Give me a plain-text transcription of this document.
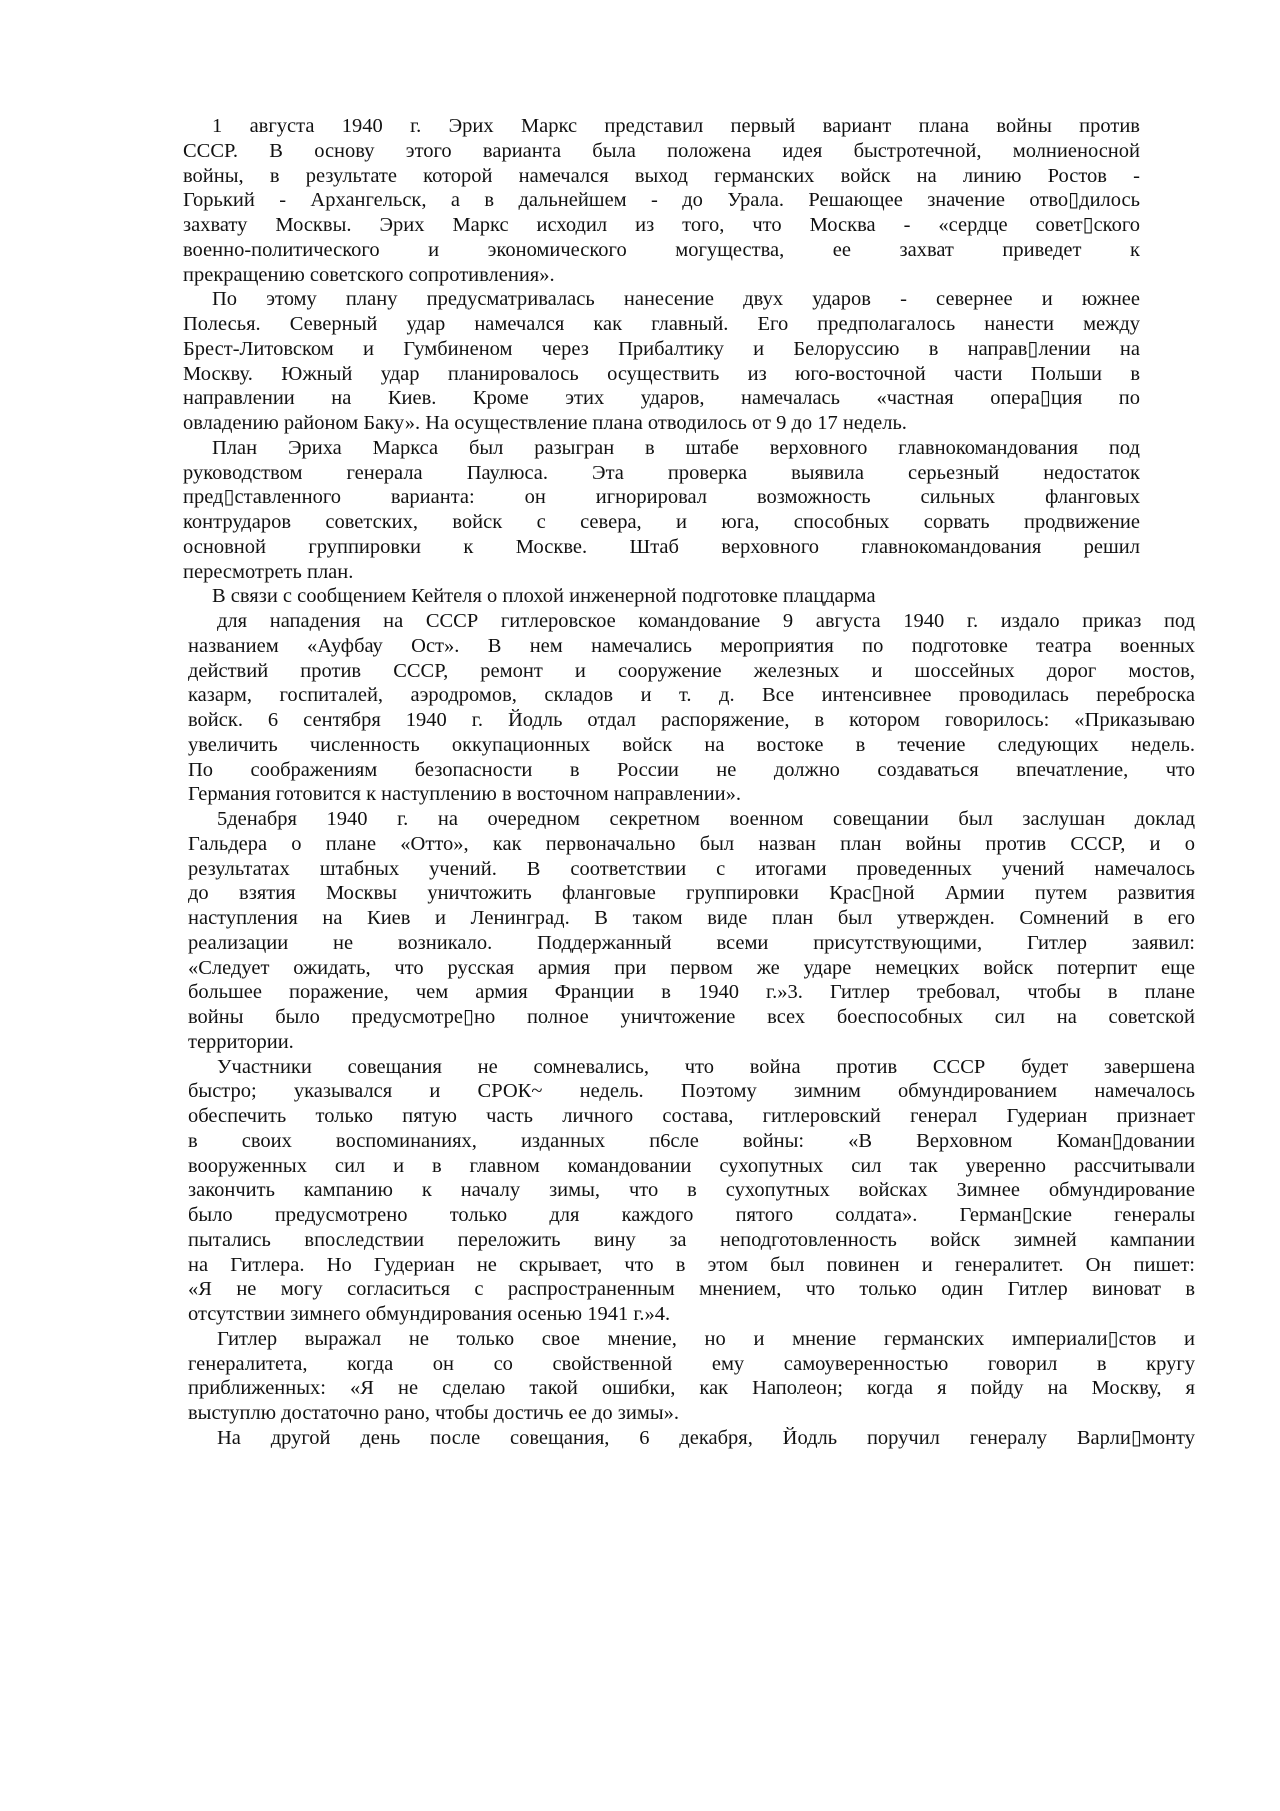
1 августа 1940 г. Эрих Маркс представил первый вариант плана войны против
СССР. В основу этого варианта была положена идея быстротечной, молниеносной
войны, в результате которой намечался выход германских войск на линию Ростов -
Горький - Архангельск, а в дальнейшем - до Урала. Решающее значение отво▯дилось
захвату Москвы. Эрих Маркс исходил из того, что Москва - «сердце совет▯ского
военно-политического и экономического могущества, ее захват приведет к
прекращению советского сопротивления».
По этому плану предусматривалась нанесение двух ударов - севернее и южнее
Полесья. Северный удар намечался как главный. Его предполагалось нанести между
Брест-Литовском и Гумбиненом через Прибалтику и Белоруссию в направ▯лении на
Москву. Южный удар планировалось осуществить из юго-восточной части Польши в
направлении на Киев. Кроме этих ударов, намечалась «частная опера▯ция по
овладению районом Баку». На осуществление плана отводилось от 9 до 17 недель.
План Эриха Маркса был разыгран в штабе верховного главнокомандования под
руководством генерала Паулюса. Эта проверка выявила серьезный недостаток
пред▯ставленного варианта: он игнорировал возможность сильных фланговых
контрударов советских, войск с севера, и юга, способных сорвать продвижение
основной группировки к Москве. Штаб верховного главнокомандования решил
пересмотреть план.
В связи с сообщением Кейтеля о плохой инженерной подготовке плацдарма
для нападения на СССР гитлеровское командование 9 августа 1940 г. издало приказ под
названием «Ауфбау Ост». В нем намечались мероприятия по подготовке театра военных
действий против СССР, ремонт и сооружение железных и шоссейных дорог мостов,
казарм, госпиталей, аэродромов, складов и т. д. Все интенсивнее проводилась переброска
войск. 6 сентября 1940 г. Йодль отдал распоряжение, в котором говорилось: «Приказываю
увеличить численность оккупационных войск на востоке в течение следующих недель.
По соображениям безопасности в России не должно создаваться впечатление, что
Германия готовится к наступлению в восточном направлении».
5денабря 1940 г. на очередном секретном военном совещании был заслушан доклад
Гальдера о плане «Отто», как первоначально был назван план войны против СССР, и о
результатах штабных учений. В соответствии с итогами проведенных учений намечалось
до взятия Москвы уничтожить фланговые группировки Крас▯ной Армии путем развития
наступления на Киев и Ленинград. В таком виде план был утвержден. Сомнений в его
реализации не возникало. Поддержанный всеми присутствующими, Гитлер заявил:
«Следует ожидать, что русская армия при первом же ударе немецких войск потерпит еще
большее поражение, чем армия Франции в 1940 г.»3. Гитлер требовал, чтобы в плане
войны было предусмотре▯но полное уничтожение всех боеспособных сил на советской
территории.
Участники совещания не сомневались, что война против СССР будет завершена
быстро; указывался и СРОК~ недель. Поэтому зимним обмундированием намечалось
обеспечить только пятую часть личного состава, гитлеровский генерал Гудериан признает
в своих воспоминаниях, изданных п6сле войны: «В Верховном Коман▯довании
вооруженных сил и в главном командовании сухопутных сил так уверенно рассчитывали
закончить кампанию к началу зимы, что в сухопутных войсках Зимнее обмундирование
было предусмотрено только для каждого пятого солдата». Герман▯ские генералы
пытались впоследствии переложить вину за неподготовленность войск зимней кампании
на Гитлера. Но Гудериан не скрывает, что в этом был повинен и генералитет. Он пишет:
«Я не могу согласиться с распространенным мнением, что только один Гитлер виноват в
отсутствии зимнего обмундирования осенью 1941 г.»4.
Гитлер выражал не только свое мнение, но и мнение германских империали▯стов и
генералитета, когда он со свойственной ему самоуверенностью говорил в кругу
приближенных: «Я не сделаю такой ошибки, как Наполеон; когда я пойду на Москву, я
выступлю достаточно рано, чтобы достичь ее до зимы».
На другой день после совещания, 6 декабря, Йодль поручил генералу Варли▯монту
